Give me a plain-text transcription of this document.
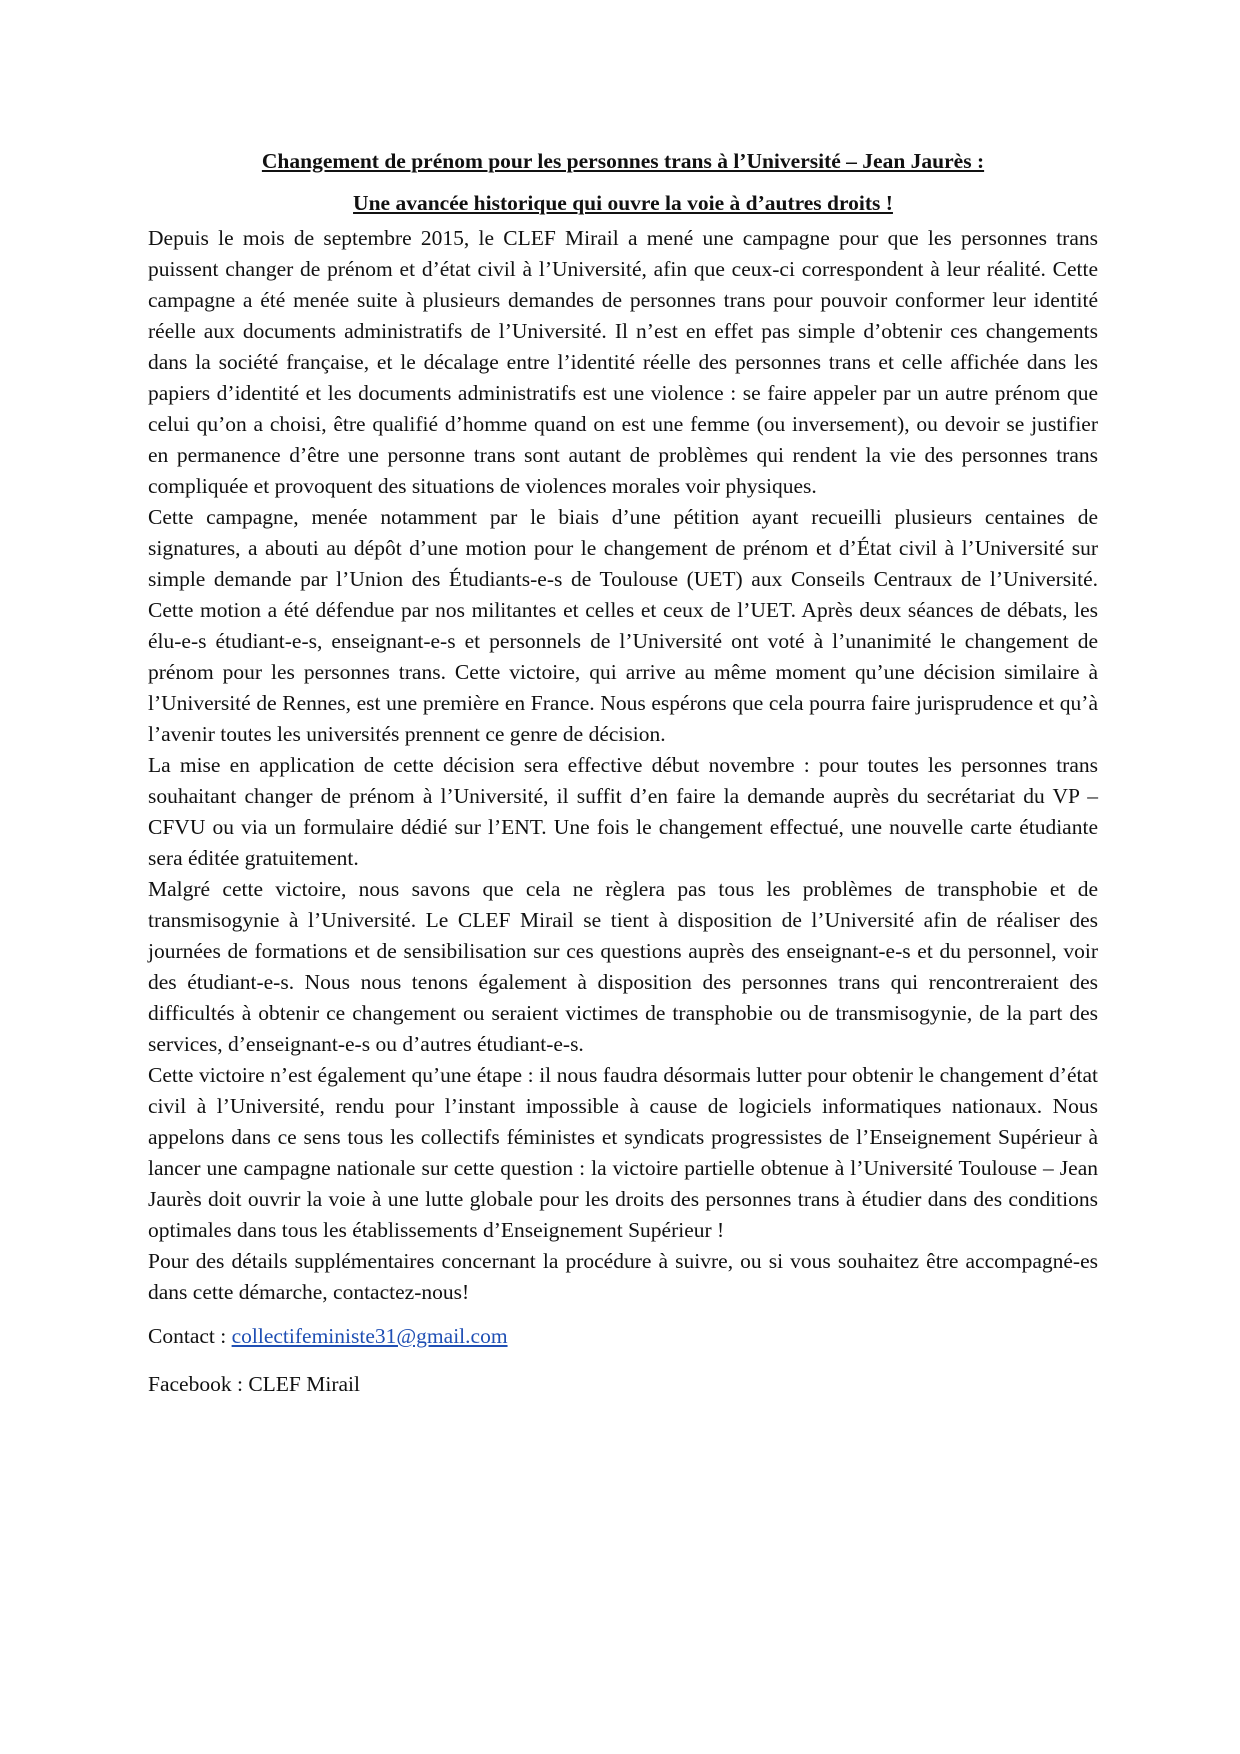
Changement de prénom pour les personnes trans à l’Université – Jean Jaurès :

Une avancée historique qui ouvre la voie à d’autres droits !

Depuis le mois de septembre 2015, le CLEF Mirail a mené une campagne pour que les personnes trans puissent changer de prénom et d’état civil à l’Université, afin que ceux-ci correspondent à leur réalité. Cette campagne a été menée suite à plusieurs demandes de personnes trans pour pouvoir conformer leur identité réelle aux documents administratifs de l’Université. Il n’est en effet pas simple d’obtenir ces changements dans la société française, et le décalage entre l’identité réelle des personnes trans et celle affichée dans les papiers d’identité et les documents administratifs est une violence : se faire appeler par un autre prénom que celui qu’on a choisi, être qualifié d’homme quand on est une femme (ou inversement), ou devoir se justifier en permanence d’être une personne trans sont autant de problèmes qui rendent la vie des personnes trans compliquée et provoquent des situations de violences morales voir physiques.

Cette campagne, menée notamment par le biais d’une pétition ayant recueilli plusieurs centaines de signatures, a abouti au dépôt d’une motion pour le changement de prénom et d’État civil à l’Université sur simple demande par l’Union des Étudiants-e-s de Toulouse (UET) aux Conseils Centraux de l’Université. Cette motion a été défendue par nos militantes et celles et ceux de l’UET. Après deux séances de débats, les élu-e-s étudiant-e-s, enseignant-e-s et personnels de l’Université ont voté à l’unanimité le changement de prénom pour les personnes trans. Cette victoire, qui arrive au même moment qu’une décision similaire à l’Université de Rennes, est une première en France. Nous espérons que cela pourra faire jurisprudence et qu’à l’avenir toutes les universités prennent ce genre de décision.

La mise en application de cette décision sera effective début novembre : pour toutes les personnes trans souhaitant changer de prénom à l’Université, il suffit d’en faire la demande auprès du secrétariat du VP – CFVU ou via un formulaire dédié sur l’ENT. Une fois le changement effectué, une nouvelle carte étudiante sera éditée gratuitement.

Malgré cette victoire, nous savons que cela ne règlera pas tous les problèmes de transphobie et de transmisogynie à l’Université. Le CLEF Mirail se tient à disposition de l’Université afin de réaliser des journées de formations et de sensibilisation sur ces questions auprès des enseignant-e-s et du personnel, voir des étudiant-e-s. Nous nous tenons également à disposition des personnes trans qui rencontreraient des difficultés à obtenir ce changement ou seraient victimes de transphobie ou de transmisogynie, de la part des services, d’enseignant-e-s ou d’autres étudiant-e-s.

Cette victoire n’est également qu’une étape : il nous faudra désormais lutter pour obtenir le changement d’état civil à l’Université, rendu pour l’instant impossible à cause de logiciels informatiques nationaux. Nous appelons dans ce sens tous les collectifs féministes et syndicats progressistes de l’Enseignement Supérieur à lancer une campagne nationale sur cette question : la victoire partielle obtenue à l’Université Toulouse – Jean Jaurès doit ouvrir la voie à une lutte globale pour les droits des personnes trans à étudier dans des conditions optimales dans tous les établissements d’Enseignement Supérieur !

Pour des détails supplémentaires concernant la procédure à suivre, ou si vous souhaitez être accompagné-es dans cette démarche, contactez-nous!

Contact : collectifeministe31@gmail.com

Facebook : CLEF Mirail
